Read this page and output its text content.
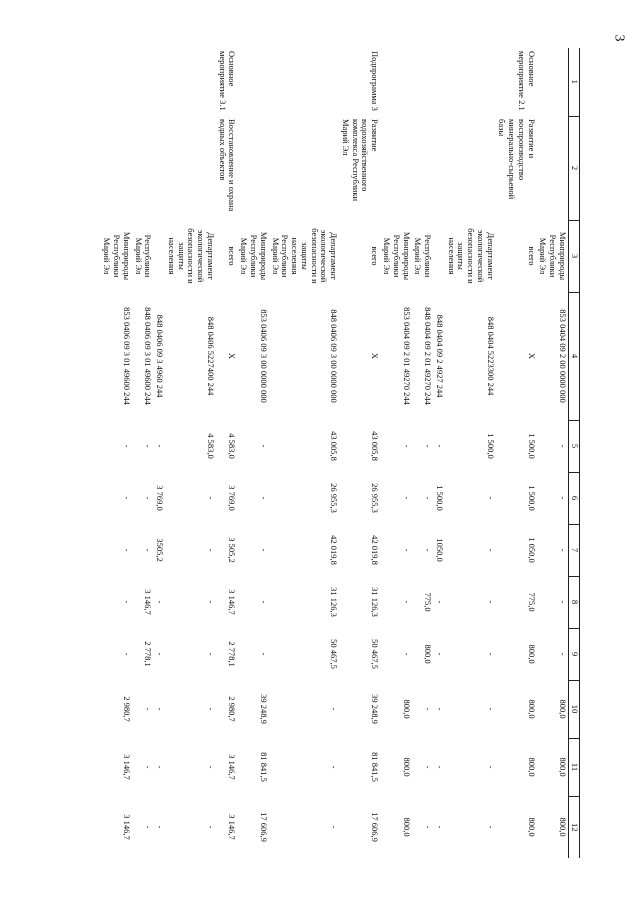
3
1	2	3	4	5	6	7	8	9	10	11	12
		Минприроды Республики Марий Эл	853 0404 09 2 00 0000 000	-	-	-	-	-	800,0	800,0	800,0
Основное мероприятие 2.1	Развитие и воспроизводство минерально-сырьевой базы	всего	X	1 500,0	1 500,0	1 050,0	775,0	800,0	800,0	800,0	800,0
		Департамент экологической безопасности и защиты населения	848 0404 5223300 244	1 500,0	-	-	-	-	-	-	-
			848 0404 09 2 4927 244	-	1 500,0	1050,0	-	-	-	-	-
		Республики Марий Эл	848 0404 09 2 01 49270 244	-	-	-	775,0	800,0	-	-	-
		Минприроды Республики Марий Эл	853 0404 09 2 01 49270 244	-	-	-	-	-	800,0	800,0	800,0

Подпрограмма 3	Развитие водохозяйственного комплекса Республики Марий Эл	всего	X	43 005,8	26 955,3	42 019,8	31 126,3	50 467,5	39 248,9	81 841,5	17 606,9
		Департамент экологической безопасности и защиты населения Республики Марий Эл	848 0406 09 3 00 0000 000	43 005,8	26 955,3	42 019,8	31 126,3	50 467,5	-	-	-
		Минприроды Республики Марий Эл	853 0406 09 3 00 0000 000	-	-	-	-	-	39 248,9	81 841,5	17 606,9

Основное мероприятие 3.1	Восстановление и охрана водных объектов	всего	X	4 583,0	3 769,0	3 505,2	3 146,7	2 778,1	2 980,7	3 146,7	3 146,7
		Департамент экологической безопасности и защиты населения	848 0406 5227400 244	4 583,0	-	-	-	-	-	-	-
			848 0406 09 3 4960 244	-	3 769,0	3505,2	-	-	-	-	-
		Республики Марий Эл	848 0406 09 3 01 49600 244	-	-	-	3 146,7	2 778,1	-	-	-
		Минприроды Республики Марий Эл	853 0406 09 3 01 49600 244	-	-	-	-	-	2 980,7	3 146,7	3 146,7
